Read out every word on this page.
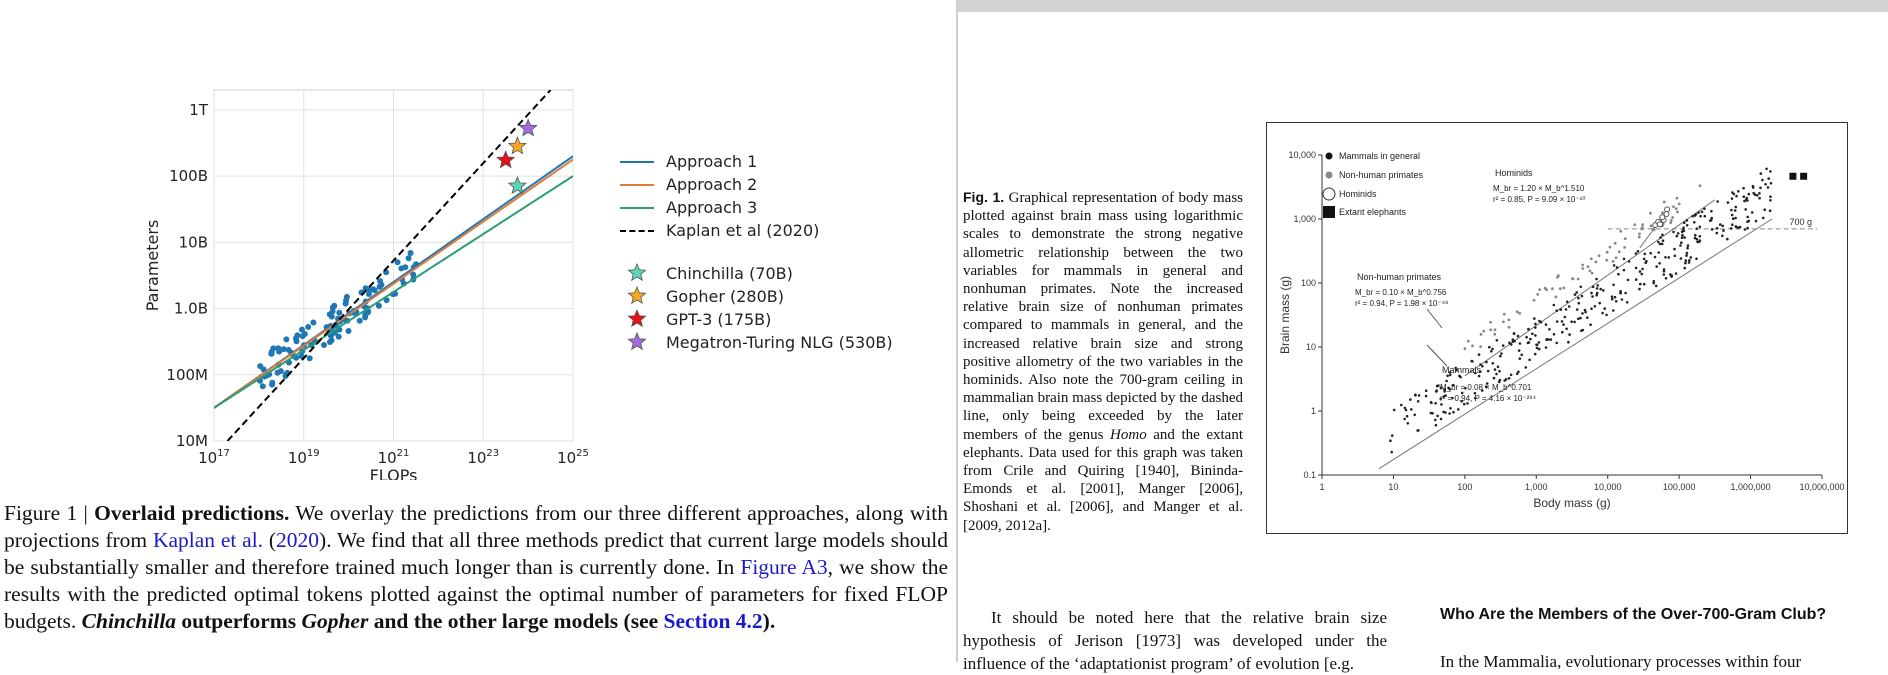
$10^{17}$	$10^{19}$	$10^{21}$	$10^{23}$	$10^{25}$
10M
100M
1.0B
10B
100B
1T
FLOPs
Parameters
Approach 1
Approach 2
Approach 3
Kaplan et al (2020)
Chinchilla (70B)
Gopher (280B)
GPT-3 (175B)
Megatron-Turing NLG (530B)
Figure 1 | Overlaid predictions. We overlay the predictions from our three different approaches, along with projections from Kaplan et al. (2020). We find that all three methods predict that current large models should be substantially smaller and therefore trained much longer than is currently done. In Figure A3, we show the results with the predicted optimal tokens plotted against the optimal number of parameters for fixed FLOP budgets. Chinchilla outperforms Gopher and the other large models (see Section 4.2).
Fig. 1. Graphical representation of body mass plotted against brain mass using logarithmic scales to demonstrate the strong negative allometric relationship between the two variables for mammals in general and nonhuman primates. Note the increased relative brain size of nonhuman primates compared to mammals in general, and the increased relative brain size and strong positive allometry of the two variables in the hominids. Also note the 700-gram ceiling in mammalian brain mass depicted by the dashed line, only being exceeded by the later members of the genus Homo and the extant elephants. Data used for this graph was taken from Crile and Quiring [1940], Bininda-Emonds et al. [2001], Manger [2006], Shoshani et al. [2006], and Manger et al. [2009, 2012a].
1	10	100	1,000	10,000	100,000	1,000,000	10,000,000
0.1
1
10
100
1,000
10,000
Body mass (g)
Brain mass (g)
700 g
Mammals in general
Non-human primates
Hominids
Extant elephants
Hominids
M_br = 1.20 × M_b^1.510
r² = 0.85, P = 9.09 × 10⁻¹⁰
Non-human primates
M_br = 0.10 × M_b^0.756
r² = 0.94, P = 1.98 × 10⁻⁴⁸
Mammals
M_br = 0.08 × M_b^0.701
r² = 0.94, P = 4.16 × 10⁻²⁹⁴
It should be noted here that the relative brain size hypothesis of Jerison [1973] was developed under the influence of the ‘adaptationist program’ of evolution [e.g.
Who Are the Members of the Over-700-Gram Club?
In the Mammalia, evolutionary processes within four
